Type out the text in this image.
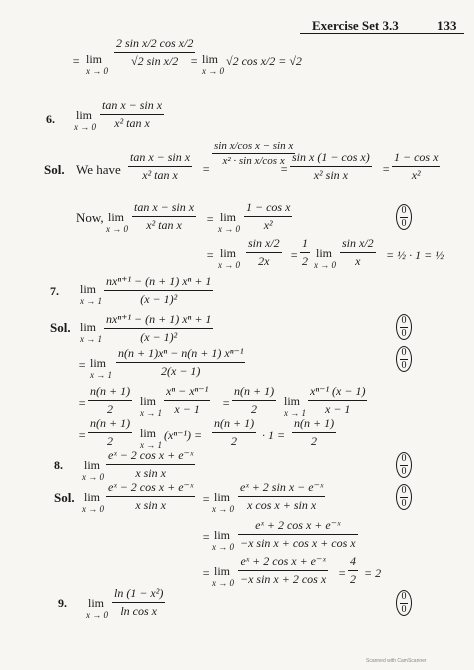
Exercise Set 3.3	133
= lim
x → 0
$\frac{\text{2 sin x/2 cos x/2}}{\text{√2 sin x/2}}$
= lim
x → 0
√2 cos x/2 = √2
6. lim
$x \to 0 \frac{\text{tan x − sin x}}{\text{x² tan x}}$
Sol. We have $\frac{\text{tan x − sin x}}{\text{x² tan x}}$ =
$\frac{\text{sin x/cos x − sin x}}{\text{x² · sin x/cos x}}$
= $\frac{\text{sin x (1 − cos x)}}{\text{x² sin x}} = \frac{\text{1 − cos x}}{\text{x²}}$
Now, lim
$x \to 0 \frac{\text{tan x − sin x}}{\text{x² tan x}} = \lim$
$x \to 0 \frac{\text{1 − cos x}}{\text{x²}}$	0
0
= lim
$x \to 0 \frac{\text{sin x/2}}{2x} = \frac{1}{2}$ lim
$x \to 0 \frac{\text{sin x/2}}{x}$ = ½ · 1 = ½
7. lim
$x \to 1 \frac{\text{nxⁿ⁺¹ − (n + 1) xⁿ + 1}}{\text{(x − 1)²}}$
Sol. lim
$x \to 1 \frac{\text{nxⁿ⁺¹ − (n + 1) xⁿ + 1}}{\text{(x − 1)²}}$	0
0
= lim
$x \to 1 \frac{\text{n(n + 1)xⁿ − n(n + 1) xⁿ⁻¹}}{2(x - 1)}$	0
0
= $\frac{n(n + 1)}{2}$ lim
$x \to 1 \frac{\text{xⁿ − xⁿ⁻¹}}{x - 1} = \frac{n(n + 1)}{2}$ lim
$x \to 1 \frac{\text{xⁿ⁻¹ (x − 1)}}{x - 1}$
= $\frac{n(n + 1)}{2}$ lim
x → 1
$(x^{n-1}) = \frac{n(n + 1)}{2} \cdot 1 = \frac{n(n + 1)}{2}$
8. lim
$x \to 0 \frac{\text{eˣ − 2 cos x + e⁻ˣ}}{\text{x sin x}}$	0
0
Sol. lim
$x \to 0 \frac{\text{eˣ − 2 cos x + e⁻ˣ}}{\text{x sin x}} = \lim$
$x \to 0 \frac{\text{eˣ + 2 sin x − e⁻ˣ}}{\text{x cos x + sin x}}$	0
0
= lim
$x \to 0 \frac{\text{eˣ + 2 cos x + e⁻ˣ}}{\text{−x sin x + cos x + cos x}}$
= lim
$x \to 0 \frac{\text{eˣ + 2 cos x + e⁻ˣ}}{\text{−x sin x + 2 cos x}} = \frac{4}{2} = 2$
9. lim
$x \to 0 \frac{\text{ln (1 − x²)}}{\text{ln cos x}}$	0
0
Scanned with CamScanner
